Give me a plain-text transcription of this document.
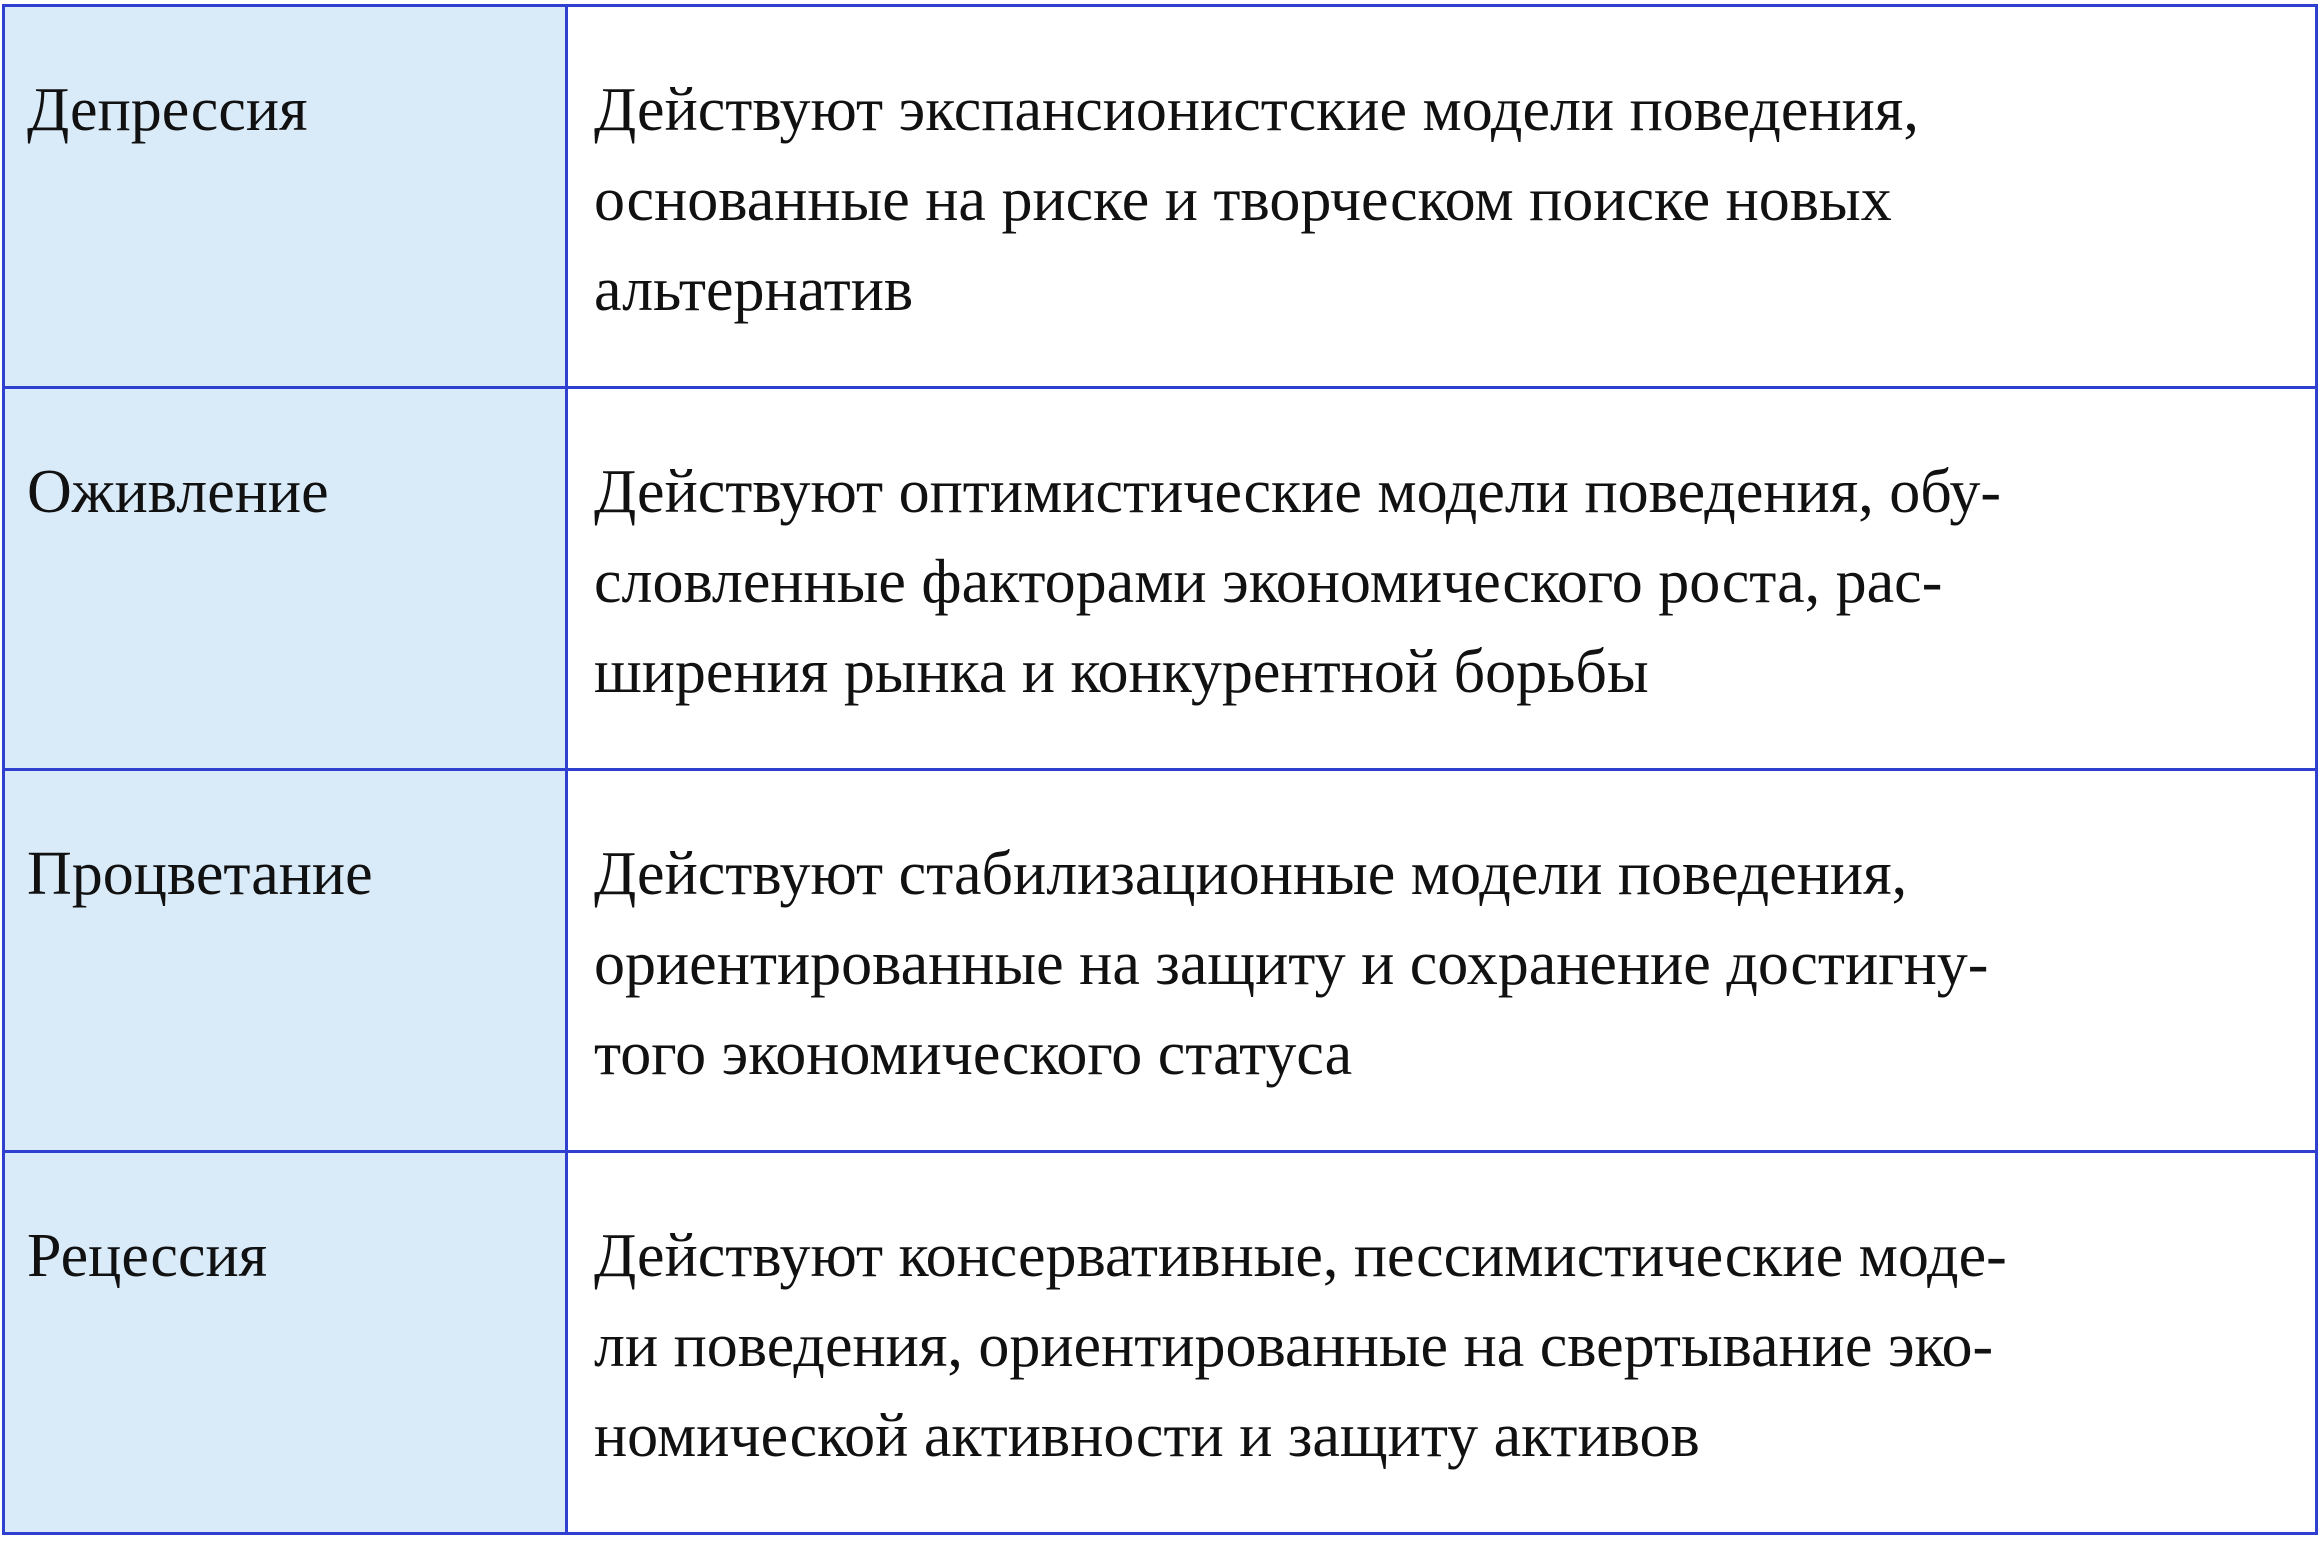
Депрессия	Действуют экспансионистские модели поведения,
основанные на риске и творческом поиске новых
альтернатив

Оживление	Действуют оптимистические модели поведения, обу-
словленные факторами экономического роста, рас-
ширения рынка и конкурентной борьбы

Процветание	Действуют стабилизационные модели поведения,
ориентированные на защиту и сохранение достигну-
того экономического статуса

Рецессия	Действуют консервативные, пессимистические моде-
ли поведения, ориентированные на свертывание эко-
номической активности и защиту активов
